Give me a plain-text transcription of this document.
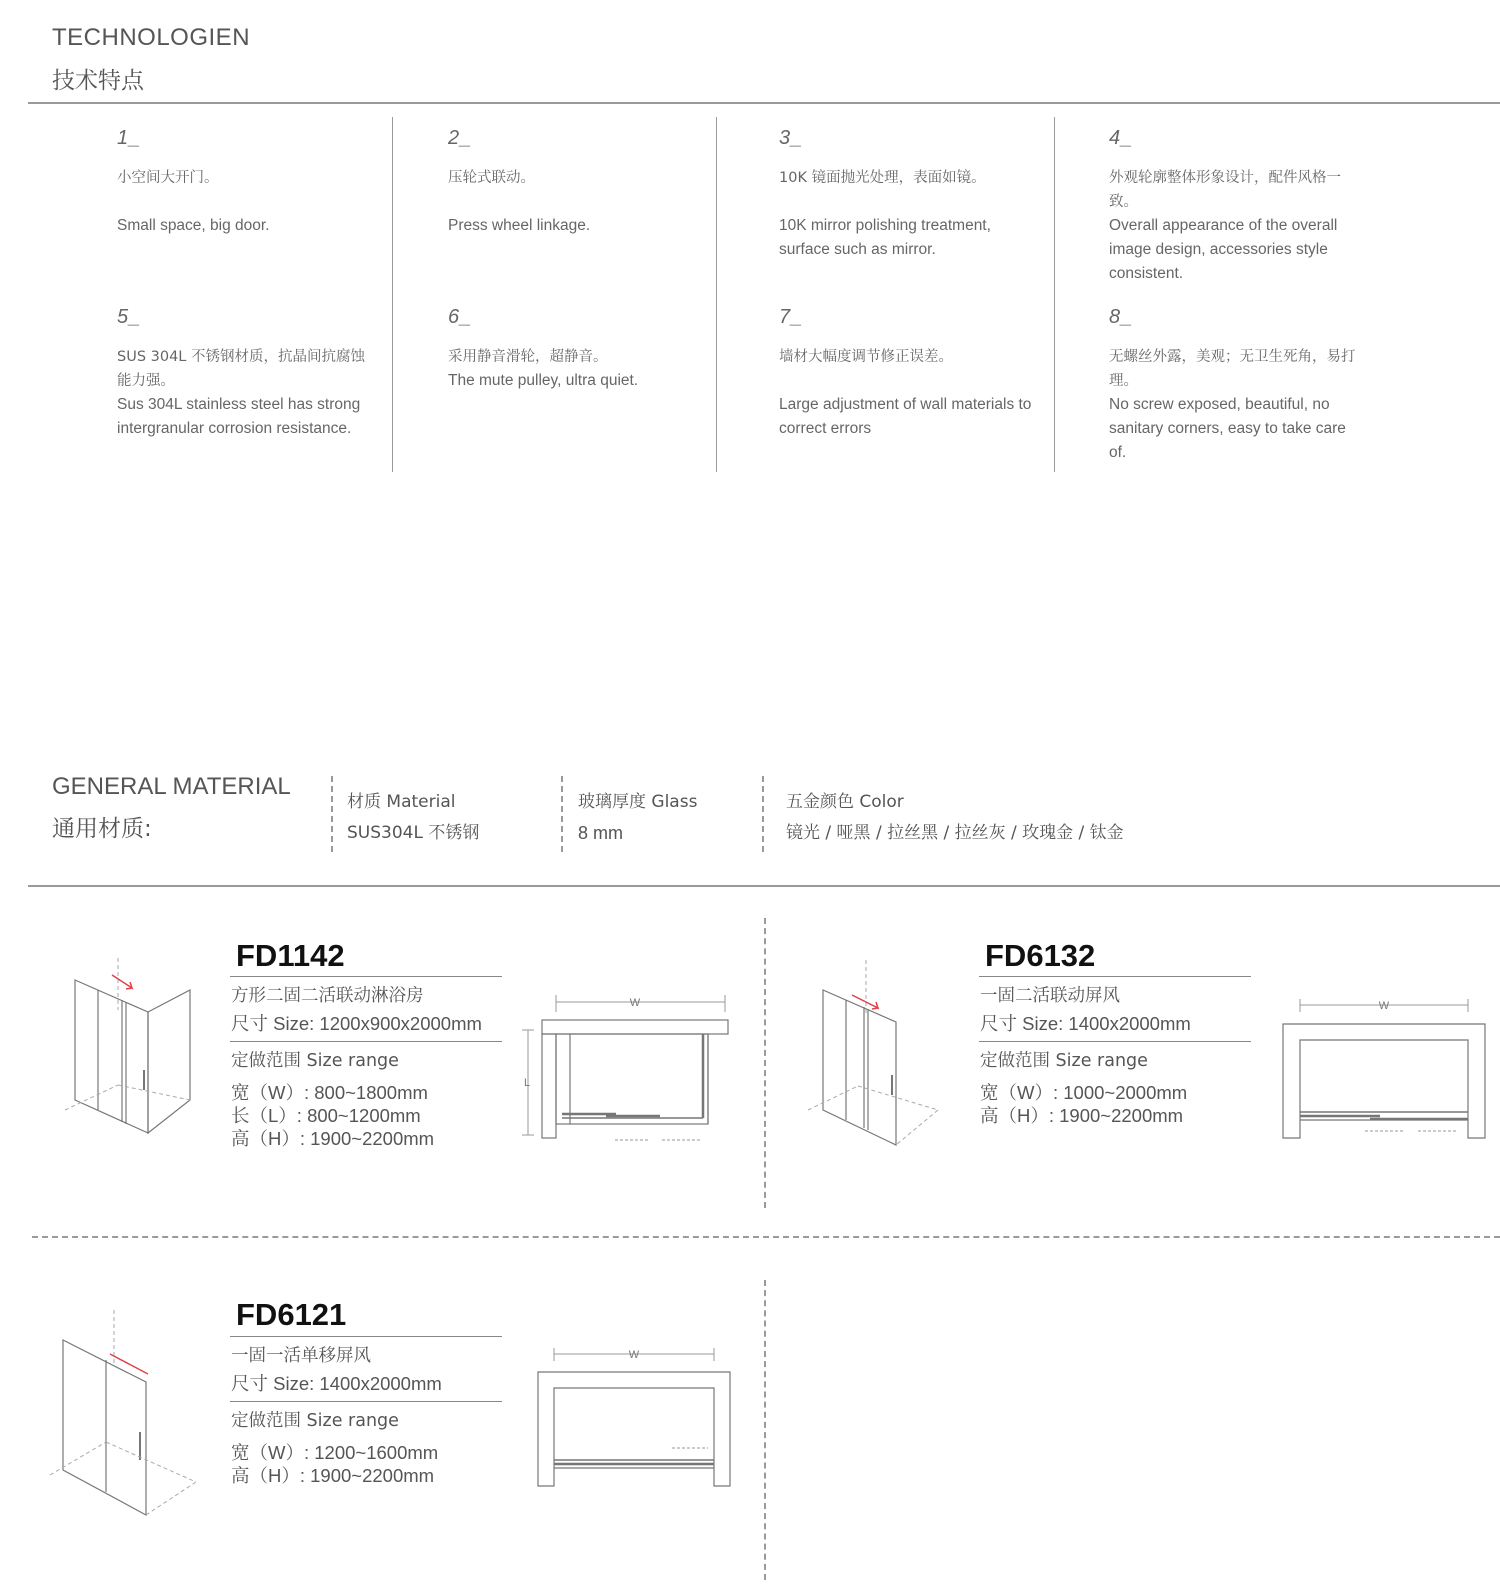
TECHNOLOGIEN
技术特点
1_
小空间大开门。
Small space, big door.
2_
压轮式联动。
Press wheel linkage.
3_
10K 镜面抛光处理，表面如镜。
10K mirror polishing treatment, surface such as mirror.
4_
外观轮廓整体形象设计，配件风格一致。
Overall appearance of the overall image design, accessories style consistent.
5_
SUS 304L 不锈钢材质，抗晶间抗腐蚀能力强。
Sus 304L stainless steel has strong intergranular corrosion resistance.
6_
采用静音滑轮，超静音。
The mute pulley, ultra quiet.
7_
墙材大幅度调节修正误差。
Large adjustment of wall materials to correct errors
8_
无螺丝外露，美观；无卫生死角，易打理。
No screw exposed, beautiful, no sanitary corners, easy to take care of.
GENERAL MATERIAL
通用材质:
材质 Material
SUS304L 不锈钢
玻璃厚度 Glass
8 mm
五金颜色 Color
镜光 / 哑黑 / 拉丝黑 / 拉丝灰 / 玫瑰金 / 钛金
FD1142
方形二固二活联动淋浴房
尺寸 Size: 1200x900x2000mm
定做范围 Size range
宽（W）: 800~1800mm
长（L）: 800~1200mm
高（H）: 1900~2200mm
W
L
FD6132
一固二活联动屏风
尺寸 Size: 1400x2000mm
定做范围 Size range
宽（W）: 1000~2000mm
高（H）: 1900~2200mm
W
FD6121
一固一活单移屏风
尺寸 Size: 1400x2000mm
定做范围 Size range
宽（W）: 1200~1600mm
高（H）: 1900~2200mm
W
